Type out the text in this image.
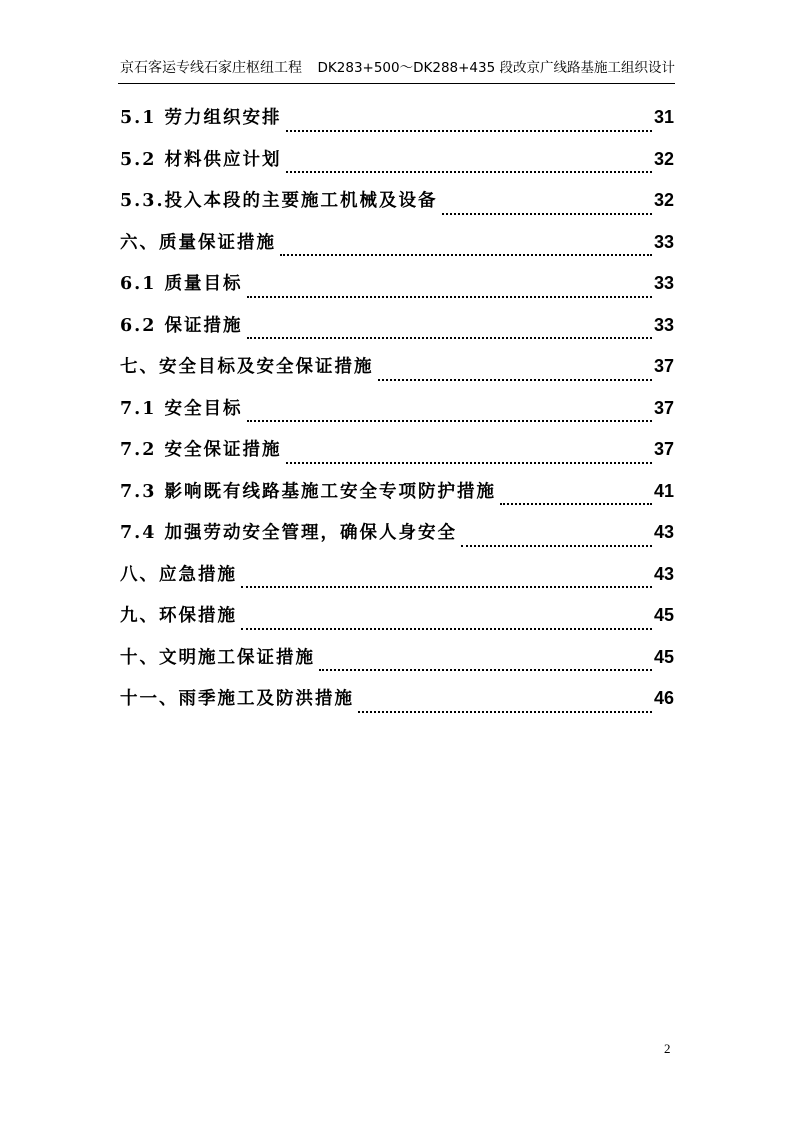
京石客运专线石家庄枢纽工程 DK283+500～DK288+435 段改京广线路基施工组织设计
5.1 劳力组织安排	31
5.2 材料供应计划	32
5.3.投入本段的主要施工机械及设备	32
六、质量保证措施	33
6.1 质量目标	33
6.2 保证措施	33
七、安全目标及安全保证措施	37
7.1 安全目标	37
7.2 安全保证措施	37
7.3 影响既有线路基施工安全专项防护措施	41
7.4 加强劳动安全管理，确保人身安全	43
八、应急措施	43
九、环保措施	45
十、文明施工保证措施	45
十一、雨季施工及防洪措施	46
2
